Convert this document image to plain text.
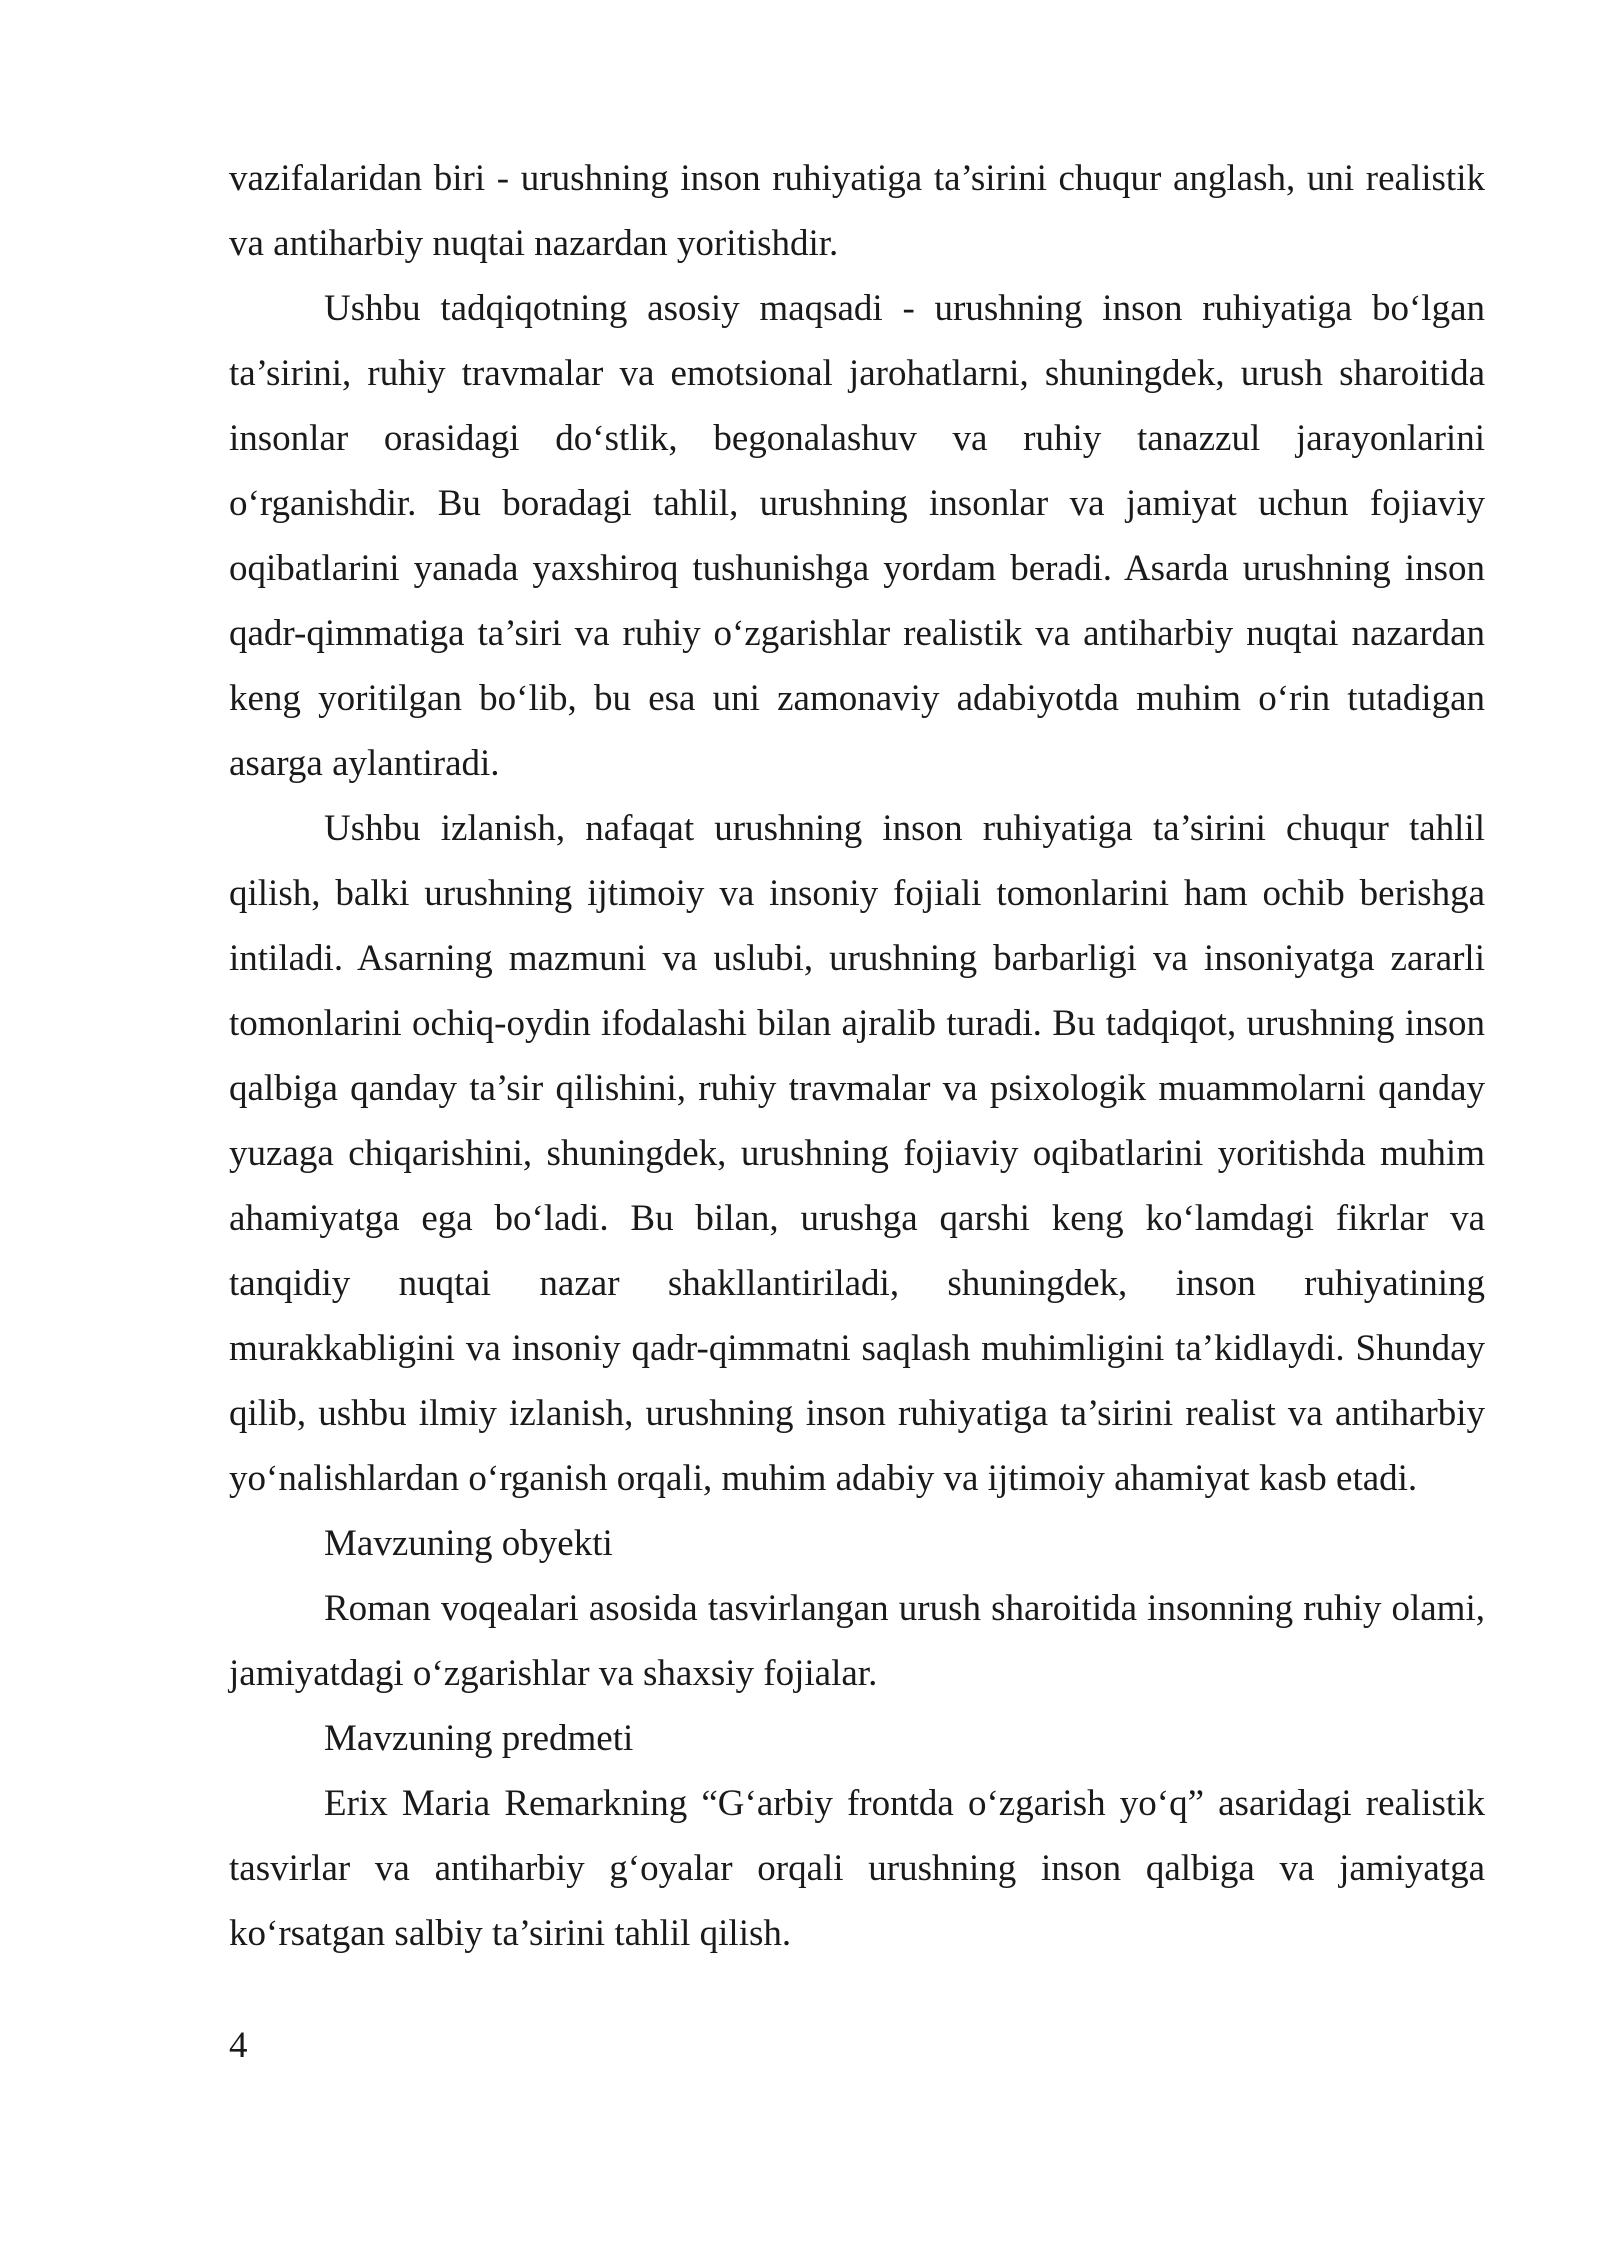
vazifalaridan biri - urushning inson ruhiyatiga ta’sirini chuqur anglash, uni realistik va antiharbiy nuqtai nazardan yoritishdir.

Ushbu tadqiqotning asosiy maqsadi - urushning inson ruhiyatiga bo‘lgan ta’sirini, ruhiy travmalar va emotsional jarohatlarni, shuningdek, urush sharoitida insonlar orasidagi do‘stlik, begonalashuv va ruhiy tanazzul jarayonlarini o‘rganishdir. Bu boradagi tahlil, urushning insonlar va jamiyat uchun fojiaviy oqibatlarini yanada yaxshiroq tushunishga yordam beradi. Asarda urushning inson qadr-qimmatiga ta’siri va ruhiy o‘zgarishlar realistik va antiharbiy nuqtai nazardan keng yoritilgan bo‘lib, bu esa uni zamonaviy adabiyotda muhim o‘rin tutadigan asarga aylantiradi.

Ushbu izlanish, nafaqat urushning inson ruhiyatiga ta’sirini chuqur tahlil qilish, balki urushning ijtimoiy va insoniy fojiali tomonlarini ham ochib berishga intiladi. Asarning mazmuni va uslubi, urushning barbarligi va insoniyatga zararli tomonlarini ochiq-oydin ifodalashi bilan ajralib turadi. Bu tadqiqot, urushning inson qalbiga qanday ta’sir qilishini, ruhiy travmalar va psixologik muammolarni qanday yuzaga chiqarishini, shuningdek, urushning fojiaviy oqibatlarini yoritishda muhim ahamiyatga ega bo‘ladi. Bu bilan, urushga qarshi keng ko‘lamdagi fikrlar va tanqidiy nuqtai nazar shakllantiriladi, shuningdek, inson ruhiyatining murakkabligini va insoniy qadr-qimmatni saqlash muhimligini ta’kidlaydi. Shunday qilib, ushbu ilmiy izlanish, urushning inson ruhiyatiga ta’sirini realist va antiharbiy yo‘nalishlardan o‘rganish orqali, muhim adabiy va ijtimoiy ahamiyat kasb etadi.

Mavzuning obyekti

Roman voqealari asosida tasvirlangan urush sharoitida insonning ruhiy olami, jamiyatdagi o‘zgarishlar va shaxsiy fojialar.

Mavzuning predmeti

Erix Maria Remarkning “G‘arbiy frontda o‘zgarish yo‘q” asaridagi realistik tasvirlar va antiharbiy g‘oyalar orqali urushning inson qalbiga va jamiyatga ko‘rsatgan salbiy ta’sirini tahlil qilish.

4
